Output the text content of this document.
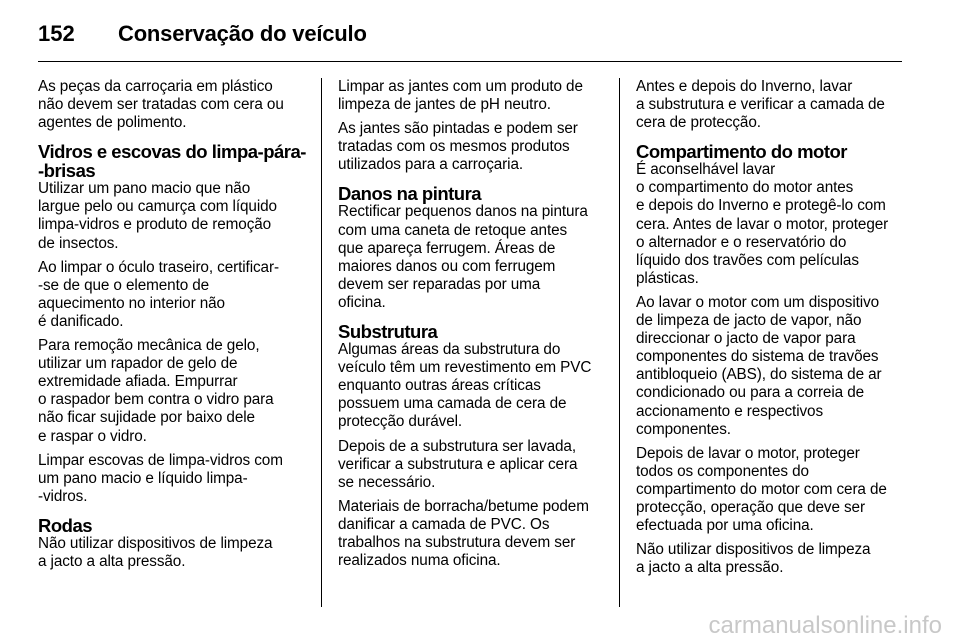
152	Conservação do veículo

As peças da carroçaria em plástico
não devem ser tratadas com cera ou
agentes de polimento.

Vidros e escovas do limpa-pára-
-brisas

Utilizar um pano macio que não
largue pelo ou camurça com líquido
limpa-vidros e produto de remoção
de insectos.

Ao limpar o óculo traseiro, certificar-
-se de que o elemento de
aquecimento no interior não
é danificado.

Para remoção mecânica de gelo,
utilizar um rapador de gelo de
extremidade afiada. Empurrar
o raspador bem contra o vidro para
não ficar sujidade por baixo dele
e raspar o vidro.

Limpar escovas de limpa-vidros com
um pano macio e líquido limpa-
-vidros.

Rodas

Não utilizar dispositivos de limpeza
a jacto a alta pressão.

Limpar as jantes com um produto de
limpeza de jantes de pH neutro.

As jantes são pintadas e podem ser
tratadas com os mesmos produtos
utilizados para a carroçaria.

Danos na pintura

Rectificar pequenos danos na pintura
com uma caneta de retoque antes
que apareça ferrugem. Áreas de
maiores danos ou com ferrugem
devem ser reparadas por uma
oficina.

Substrutura

Algumas áreas da substrutura do
veículo têm um revestimento em PVC
enquanto outras áreas críticas
possuem uma camada de cera de
protecção durável.

Depois de a substrutura ser lavada,
verificar a substrutura e aplicar cera
se necessário.

Materiais de borracha/betume podem
danificar a camada de PVC. Os
trabalhos na substrutura devem ser
realizados numa oficina.

Antes e depois do Inverno, lavar
a substrutura e verificar a camada de
cera de protecção.

Compartimento do motor

É aconselhável lavar
o compartimento do motor antes
e depois do Inverno e protegê-lo com
cera. Antes de lavar o motor, proteger
o alternador e o reservatório do
líquido dos travões com películas
plásticas.

Ao lavar o motor com um dispositivo
de limpeza de jacto de vapor, não
direccionar o jacto de vapor para
componentes do sistema de travões
antibloqueio (ABS), do sistema de ar
condicionado ou para a correia de
accionamento e respectivos
componentes.

Depois de lavar o motor, proteger
todos os componentes do
compartimento do motor com cera de
protecção, operação que deve ser
efectuada por uma oficina.

Não utilizar dispositivos de limpeza
a jacto a alta pressão.

carmanualsonline.info
